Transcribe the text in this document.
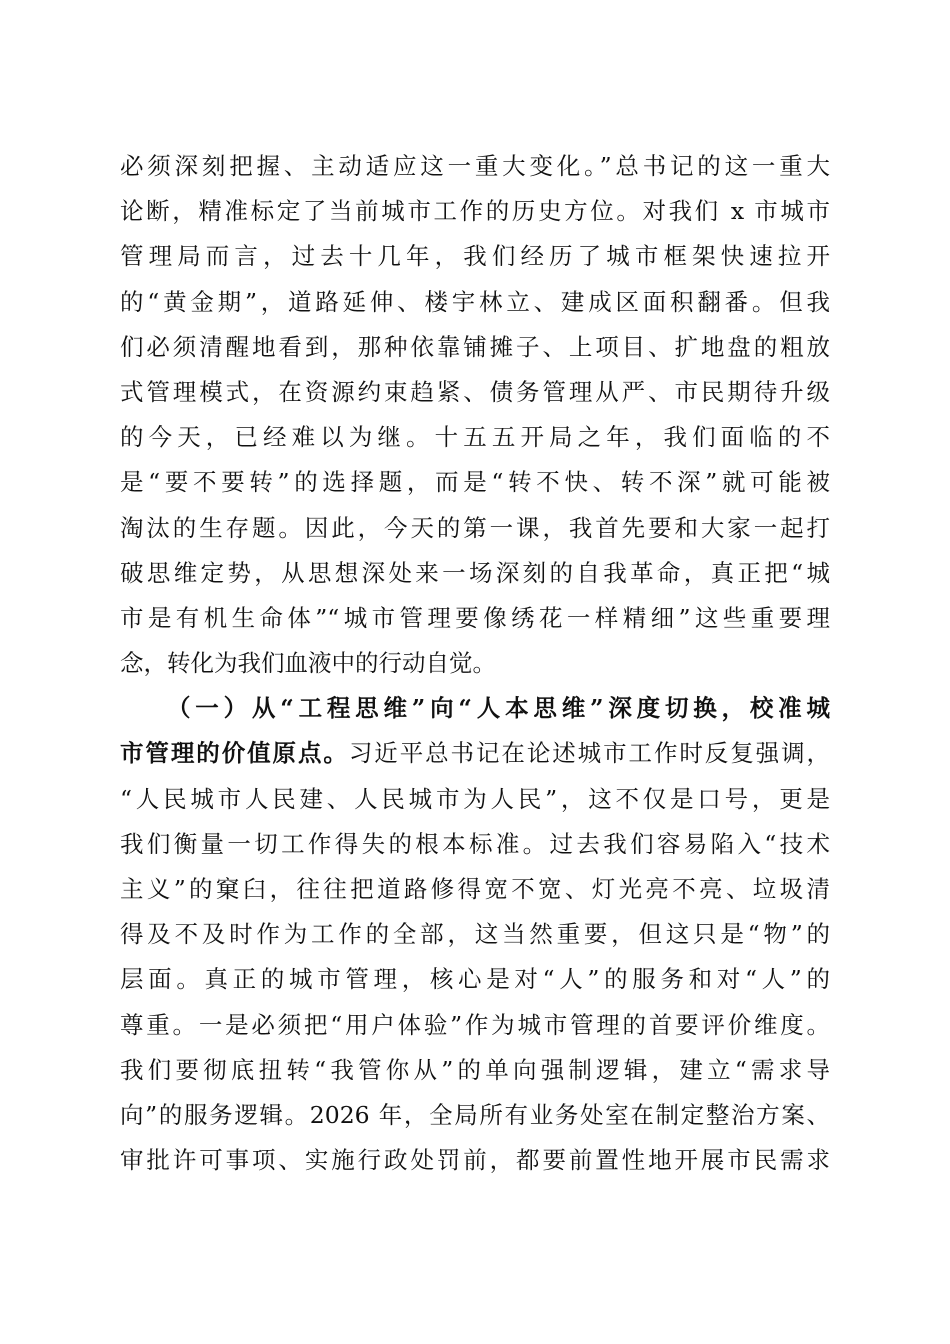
必须深刻把握、主动适应这一重大变化。”总书记的这一重大
论断，精准标定了当前城市工作的历史方位。对我们 x 市城市
管理局而言，过去十几年，我们经历了城市框架快速拉开
的“黄金期”，道路延伸、楼宇林立、建成区面积翻番。但我
们必须清醒地看到，那种依靠铺摊子、上项目、扩地盘的粗放
式管理模式，在资源约束趋紧、债务管理从严、市民期待升级
的今天，已经难以为继。十五五开局之年，我们面临的不
是“要不要转”的选择题，而是“转不快、转不深”就可能被
淘汰的生存题。因此，今天的第一课，我首先要和大家一起打
破思维定势，从思想深处来一场深刻的自我革命，真正把“城
市是有机生命体”“城市管理要像绣花一样精细”这些重要理
念，转化为我们血液中的行动自觉。
（一）从“工程思维”向“人本思维”深度切换，校准城
市管理的价值原点。习近平总书记在论述城市工作时反复强调，
“人民城市人民建、人民城市为人民”，这不仅是口号，更是
我们衡量一切工作得失的根本标准。过去我们容易陷入“技术
主义”的窠臼，往往把道路修得宽不宽、灯光亮不亮、垃圾清
得及不及时作为工作的全部，这当然重要，但这只是“物”的
层面。真正的城市管理，核心是对“人”的服务和对“人”的
尊重。一是必须把“用户体验”作为城市管理的首要评价维度。
我们要彻底扭转“我管你从”的单向强制逻辑，建立“需求导
向”的服务逻辑。2026 年，全局所有业务处室在制定整治方案、
审批许可事项、实施行政处罚前，都要前置性地开展市民需求
